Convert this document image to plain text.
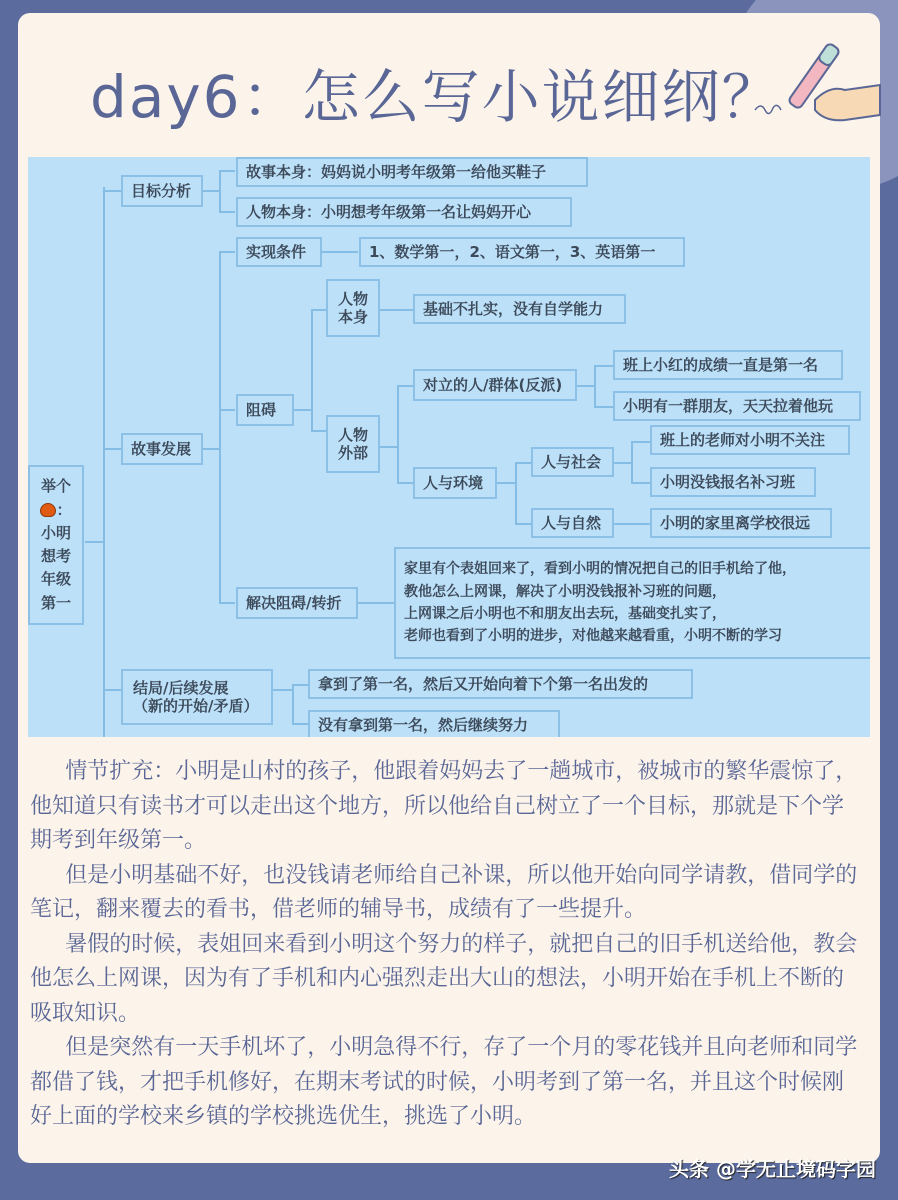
day6：怎么写小说细纲？
举个
：
小明
想考
年级
第一
目标分析
故事本身：妈妈说小明考年级第一给他买鞋子
人物本身：小明想考年级第一名让妈妈开心
故事发展
实现条件	1、数学第一，2、语文第一，3、英语第一
阻碍
人物
本身	基础不扎实，没有自学能力
人物
外部
对立的人/群体(反派)
班上小红的成绩一直是第一名
小明有一群朋友，天天拉着他玩
人与环境
人与社会
班上的老师对小明不关注
小明没钱报名补习班
人与自然	小明的家里离学校很远
解决阻碍/转折
家里有个表姐回来了，看到小明的情况把自己的旧手机给了他，
教他怎么上网课，解决了小明没钱报补习班的问题，
上网课之后小明也不和朋友出去玩，基础变扎实了，
老师也看到了小明的进步，对他越来越看重，小明不断的学习
结局/后续发展
（新的开始/矛盾）
拿到了第一名，然后又开始向着下个第一名出发的
没有拿到第一名，然后继续努力

情节扩充：小明是山村的孩子，他跟着妈妈去了一趟城市，被城市的繁华震惊了，他知道只有读书才可以走出这个地方，所以他给自己树立了一个目标，那就是下个学期考到年级第一。

但是小明基础不好，也没钱请老师给自己补课，所以他开始向同学请教，借同学的笔记，翻来覆去的看书，借老师的辅导书，成绩有了一些提升。

暑假的时候，表姐回来看到小明这个努力的样子，就把自己的旧手机送给他，教会他怎么上网课，因为有了手机和内心强烈走出大山的想法，小明开始在手机上不断的吸取知识。

但是突然有一天手机坏了，小明急得不行，存了一个月的零花钱并且向老师和同学都借了钱，才把手机修好，在期末考试的时候，小明考到了第一名，并且这个时候刚好上面的学校来乡镇的学校挑选优生，挑选了小明。

头条 @学无止境码字园
